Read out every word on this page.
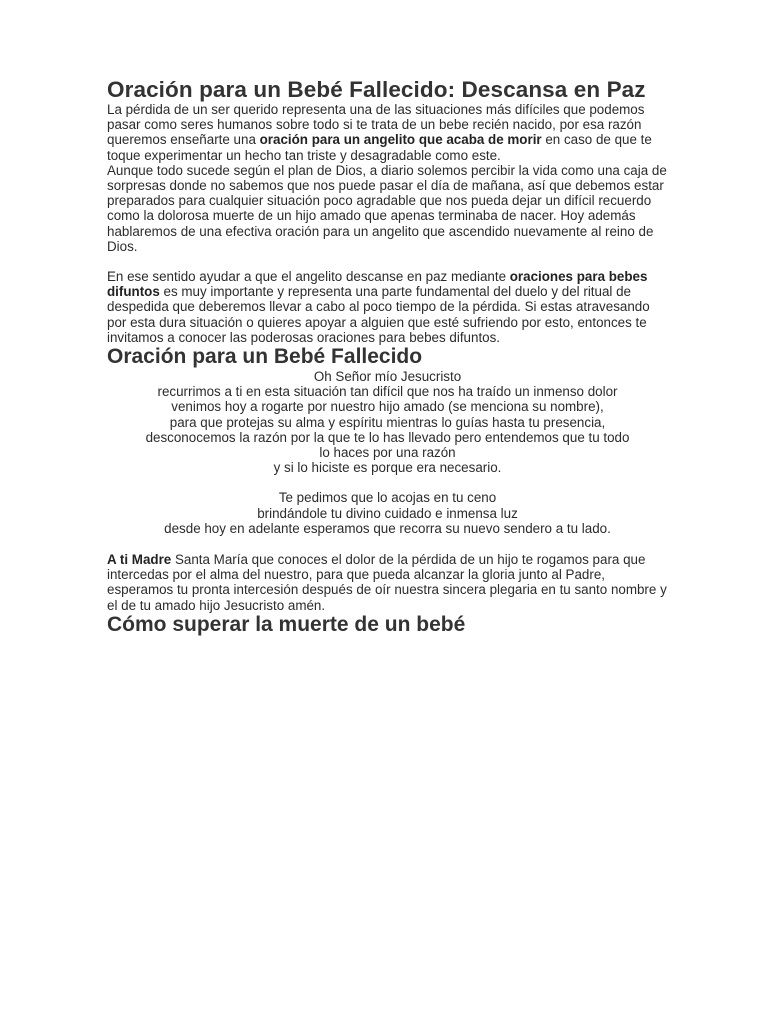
Oración para un Bebé Fallecido: Descansa en Paz

La pérdida de un ser querido representa una de las situaciones más difíciles que podemos pasar como seres humanos sobre todo si te trata de un bebe recién nacido, por esa razón queremos enseñarte una oración para un angelito que acaba de morir en caso de que te toque experimentar un hecho tan triste y desagradable como este.

Aunque todo sucede según el plan de Dios, a diario solemos percibir la vida como una caja de sorpresas donde no sabemos que nos puede pasar el día de mañana, así que debemos estar preparados para cualquier situación poco agradable que nos pueda dejar un difícil recuerdo como la dolorosa muerte de un hijo amado que apenas terminaba de nacer. Hoy además hablaremos de una efectiva oración para un angelito que ascendido nuevamente al reino de Dios.

En ese sentido ayudar a que el angelito descanse en paz mediante oraciones para bebes difuntos es muy importante y representa una parte fundamental del duelo y del ritual de despedida que deberemos llevar a cabo al poco tiempo de la pérdida. Si estas atravesando por esta dura situación o quieres apoyar a alguien que esté sufriendo por esto, entonces te invitamos a conocer las poderosas oraciones para bebes difuntos.

Oración para un Bebé Fallecido

Oh Señor mío Jesucristo

recurrimos a ti en esta situación tan difícil que nos ha traído un inmenso dolor

venimos hoy a rogarte por nuestro hijo amado (se menciona su nombre),

para que protejas su alma y espíritu mientras lo guías hasta tu presencia,

desconocemos la razón por la que te lo has llevado pero entendemos que tu todo

lo haces por una razón

y si lo hiciste es porque era necesario.

Te pedimos que lo acojas en tu ceno

brindándole tu divino cuidado e inmensa luz

desde hoy en adelante esperamos que recorra su nuevo sendero a tu lado.

A ti Madre Santa María que conoces el dolor de la pérdida de un hijo te rogamos para que intercedas por el alma del nuestro, para que pueda alcanzar la gloria junto al Padre, esperamos tu pronta intercesión después de oír nuestra sincera plegaria en tu santo nombre y el de tu amado hijo Jesucristo amén.

Cómo superar la muerte de un bebé
